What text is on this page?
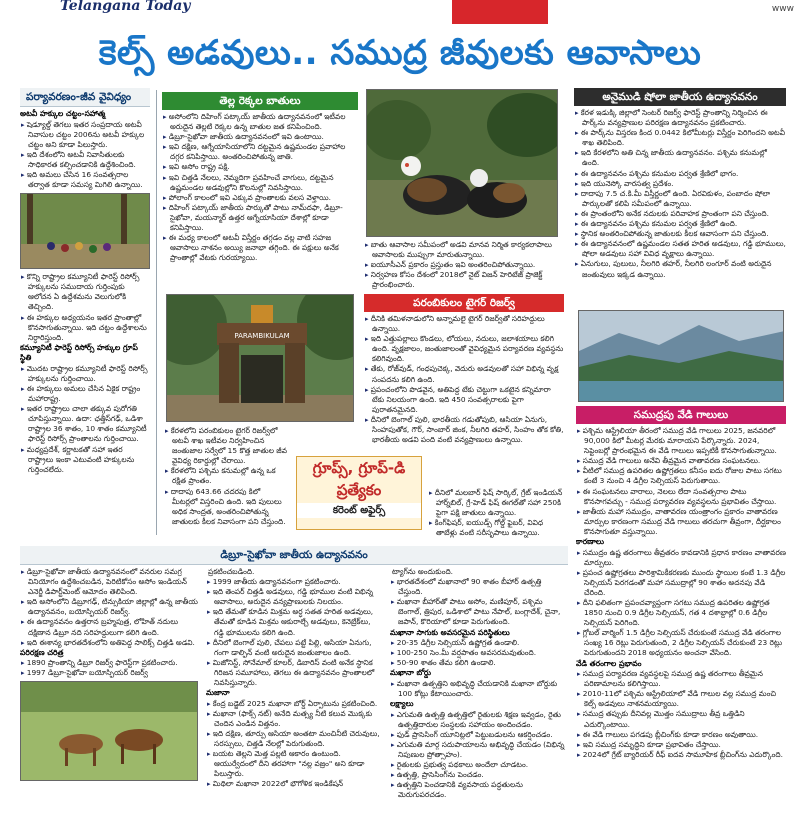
Telangana Today	www
కెల్స్‌ అడవులు.. సముద్ర జీవులకు ఆవాసాలు
పర్యావరణం-జీవ వైవిధ్యం

అటవీ హక్కుల చట్టం-సహాత్మ

▸ షెడ్యూల్డ్ తెగలు ఇతర సంప్రదాయ అటవీ నివాసుల చట్టం 2006ను అటవీ హక్కుల చట్టం అని కూడా పిలుస్తారు.

▸ ఇది దేశంలోని అటవీ నివాసితులకు సాధికారత కల్పించడానికి ఉద్దేశించింది.

▸ ఇది అమలు చేసిన 16 సంవత్సరాల తర్వాత కూడా సమస్య మిగిలి ఉన్నాయి.

▸ కొన్ని రాష్ట్రాల కమ్యూనిటీ ఫారెస్ట్ రిసోర్స్ హక్కులను సముదాయ గుర్తింపుకు ఆలోచన ఏ ఉద్దేశమను వెలుగులోకి తెచ్చింది.

▸ ఈ హక్కుల అధ్యయనం ఇతర ప్రాంతాల్లో కొనసాగుతున్నాయి. ఇది చట్టం ఉద్దేశాలను నిర్ధారిస్తుంది.

కమ్యూనిటీ ఫారెస్ట్ రిసోర్స్ హక్కుల గ్రూప్ స్థితి

▸ మొదట రాష్ట్రాల కమ్యూనిటీ ఫారెస్ట్ రిసోర్స్ హక్కులను గుర్తించాయి.

▸ ఈ హక్కులు అమలు చేసిన ఏకైక రాష్ట్రం మహారాష్ట్ర.

▸ ఇతర రాష్ట్రాలు చాలా తక్కువ పురోగతి చూపిస్తున్నాయి. ఉదా: ఛత్తీస్‌గఢ్, ఒడిశా రాష్ట్రాల 36 శాతం, 10 శాతం కమ్యూనిటీ ఫారెస్ట్ రిసోర్స్ ప్రాంతాలను గుర్తించాయి.

▸ మధ్యప్రదేశ్, కర్ణాటకతో సహా ఇతర రాష్ట్రాలు ఇంకా ఎటువంటి హక్కులను గుర్తించలేదు.

తెల్ల రెక్కల బాతులు

▸ అసోంలోని దిహింగ్ పట్కాయ్ జాతీయ ఉద్యానవనంలో ఇటీవల అరుదైన తెల్లటి రెక్కల ఉన్న బాతుల జత కనిపించింది.

▸ డిబ్రూ-సైఖోవా జాతీయ ఉద్యానవనంలో ఇవి ఉంటాయి.

▸ ఇవి దక్షిణ, ఆగ్నేయాసియాలోని దట్టమైన ఉష్ణమండల ప్రవాహాల దగ్గర కనిపిస్తాయి. అంతరించిపోతున్న జాతి.

▸ ఇవి అసోం రాష్ట్ర పక్షి.

▸ ఇవి చిత్తడి నేలలు, నెమ్మదిగా ప్రవహించే వాగులు, దట్టమైన ఉష్ణమండల అడవుల్లోని కొలనుల్లో నివసిస్తాయి.

▸ పోలాంగ్ కాలంలో ఇవి ఎక్కువ ప్రాంతాలకు వలస వెళ్తాయి.

▸ దిహింగ్ పట్కాయ్ జాతీయ పార్కుతో పాటు నామ్‌దఫా, డిబ్రూ-సైఖోవా, మయన్మార్ ఉత్తర ఆగ్నేయాసియా దేశాల్లో కూడా కనిపిస్తాయి.

▸ ఈ మధ్య కాలంలో అటవీ విస్తీర్ణం తగ్గడం వల్ల వాటి సహజ ఆవాసాలు నాశనం అయ్యి జనాభా తగ్గింది. ఈ పక్షులు అనేక ప్రాంతాల్లో వేటకు గురయ్యాయి.

అనైముడి షోలా జాతీయ ఉద్యానవనం

▸ కేరళ ఇడుక్కి జిల్లాలో సెంటర్ రిజర్వ్ ఫారెస్ట్ ప్రాంతాన్ని నిర్మించిన ఈ పార్క్‌ను వన్యప్రాణుల పరిరక్షణ ఉద్యానవనం ప్రకటించారు.

▸ ఈ పార్క్‌ను విస్తరణ కింద 0.0442 కిలోమీటర్లు విస్తీర్ణం పెరిగిందని అటవీ శాఖ తెలిపింది.

▸ ఇది కేరళలోని అతి చిన్న జాతీయ ఉద్యానవనం. పశ్చిమ కనుమల్లో ఉంది.

▸ ఈ ఉద్యానవనం పశ్చిమ కనుమల పర్వత శ్రేణిలో భాగం.

▸ ఇది యునెస్కో వారసత్వ ప్రదేశం.

▸ దాదాపు 7.5 చ.కి.మీ విస్తీర్ణంలో ఉంది. ఏరవికుళం, పంబాదం షోలా పార్కులతో కలిపి సమీపంలో ఉన్నాయి.

▸ ఈ ప్రాంతంలోని అనేక నదులకు పరివాహక ప్రాంతంగా పని చేస్తుంది.

▸ ఈ ఉద్యానవనం పశ్చిమ కనుమల పర్వత శ్రేణిలో ఉంది.

▸ స్థానిక అంతరించిపోతున్న జాతులకు కీలక ఆవాసంగా పని చేస్తుంది.

▸ ఈ ఉద్యానవనంలో ఉష్ణమండల సతత హరిత అడవులు, గడ్డి భూములు, షోలా అడవులు సహా వివిధ వృక్షాలు ఉన్నాయి.

▸ ఏనుగులు, పులులు, నీలగిరి తహర్, నీలగిరి లంగూర్ వంటి అరుదైన జంతువులు ఇక్కడ ఉన్నాయి.

▸ బాతు ఆవాసాల సమీపంలో అడవి మానవ నిర్మిత కార్యకలాపాలు ఆవాసాలకు ముప్పుగా మారుతున్నాయి.

▸ ఐయూసీఎన్ ప్రకారం ప్రస్తుతం ఇవి అంతరించిపోతున్నాయి.

▸ నిర్వహణ కోసం దేశంలో 2018లో నైట్ విజన్ హెరిటేజ్ ప్రాజెక్ట్ ప్రారంభించారు.

PARAMBIKULAM
పరంబికులం టైగర్ రిజర్వ్

▸ దీనికి తమిళనాడులోని అన్నామలై టైగర్ రిజర్వ్‌తో సరిహద్దులు ఉన్నాయి.

▸ ఇది ఎత్తుపల్లాలు కొండలు, లోయలు, నదులు, జలాశయాలు కలిగి ఉంది. వృక్షజాలం, జంతుజాలంతో వైవిధ్యమైన పర్యావరణ వ్యవస్థను కలిగివుంది.

▸ తేకు, రోజ్‌వుడ్, గంధపుచెక్క, వెదురు అడవులతో సహా విభిన్న వృక్ష సంపదను కలిగి ఉంది.

▸ ప్రపంచంలోని పొడవైన, అతిపెద్ద టేకు చెట్టుగా ఒకటైన కన్నిమారా టేకు నిలయంగా ఉంది. ఇది 450 సంవత్సరాలకు పైగా పురాతనమైనది.

▸ దీనిలో బెంగాల్ పులి, భారతీయ గడుతోపుబి, ఆసియా ఏనుగు, సింహపుతోక, గౌర్, సాంబార్ జింక, నీలగిరి తహర్, సింహం తోక కోతి, భారతీయ అడవి పంది వంటి వన్యప్రాణులు ఉన్నాయి.

▸ కేరళలోని పరంబికులం టైగర్ రిజర్వ్‌లో అటవీ శాఖ ఇటీవల నిర్వహించిన జంతుజాల సర్వేలో 15 కొత్త జాతుల జీవ వైవిధ్య రికార్డుల్లో చేరాయి.

▸ కేరళలోని పశ్చిమ కనుమల్లో ఉన్న ఒక రక్షిత ప్రాంతం.

▸ దాదాపు 643.66 చదరపు కిలో మీటర్లలో విస్తరించి ఉంది. ఇది పులులు అధిక సాంద్రత, అంతరించిపోతున్న జాతులకు కీలక నివాసంగా పని చేస్తుంది.

గ్రూప్స్, గ్రూప్-డి
ప్రత్యేకం
కరెంట్ అఫైర్స్

▸ దీనిలో మలబార్ ఫిష్ సార్కిల్, గ్రేట్ ఇండియన్ హార్న్‌బిల్, గ్రే-హెడ్ ఫిష్ ఈగల్‌తో సహా 250కి పైగా పక్షి జాతులు ఉన్నాయి.

▸ కింగ్‌ఫిషర్, ఐయుడ్స్ గోల్డ్ ఫైబర్, వివిధ తాబేళ్లు వంటి సరీసృపాలు ఉన్నాయి.

సముద్రపు వేడి గాలులు

▸ పశ్చిమ ఆస్ట్రేలియా తీరంలో సముద్ర వేడి గాలులు 2025, జనవరిలో 90,000 కిలో మీటర్ల మేరకు మారాయని పేర్కొన్నారు. 2024, సెప్టెంబర్లో ప్రారంభమైన ఈ వేడి గాలులు ఇప్పటికీ కొనసాగుతున్నాయి.

▸ సముద్ర వేడి గాలులు అనేవి తీవ్రమైన వాతావరణ సంఘటనలు.

▸ వీటిలో సముద్ర ఉపరితల ఉష్ణోగ్రతలు కనీసం ఐదు రోజుల పాటు సగటు కంటే 3 నుంచి 4 డిగ్రీల సెల్సియస్ పెరుగుతాయి.

▸ ఈ సంఘటనలు వారాలు, నెలలు లేదా సంవత్సరాల పాటు కొనసాగవచ్చు - సముద్ర పర్యావరణ వ్యవస్థలను ప్రభావితం చేస్తాయి.

▸ జాతీయ మహా సముద్రం, వాతావరణ యంత్రాంగం ప్రకారం వాతావరణ మార్పుల కారణంగా సముద్ర వేడి గాలులు తరచుగా తీవ్రంగా, దీర్ఘకాలం కొనసాగుతూ వస్తున్నాయి.

కారణాలు

▸ సముద్రం ఉష్ణ తరంగాలు తీవ్రతరం కావడానికి ప్రధాన కారణం వాతావరణ మార్పులు.

▸ ప్రపంచ ఉష్ణోగ్రతలు పారిశ్రామికీకరణకు ముందు స్థాయిల కంటే 1.3 డిగ్రీల సెల్సియస్ పెరగడంతో మహా సముద్రాల్లో 90 శాతం అదనపు వేడి చేరింది.

▸ దీని ఫలితంగా ప్రపంచవ్యాప్తంగా సగటు సముద్ర ఉపరితల ఉష్ణోగ్రత 1850 నుంచి 0.9 డిగ్రీల సెల్సియస్, గత 4 దశాబ్దాల్లో 0.6 డిగ్రీల సెల్సియస్ పెరిగింది.

▸ గ్లోబల్ వార్మింగ్ 1.5 డిగ్రీల సెల్సియస్ చేరుకుంటే సముద్ర వేడి తరంగాల సంఖ్య 16 రెట్లు పెరుగుతుంది, 2 డిగ్రీల సెల్సియస్ చేరుకుంటే 23 రెట్లు పెరుగుతుందని 2018 అధ్యయనం అంచనా వేసింది.

వేడి తరంగాల ప్రభావం

▸ సముద్ర పర్యావరణ వ్యవస్థలపై సముద్ర ఉష్ణ తరంగాలు తీవ్రమైన పరిణామాలను కలిగిస్తాయి.

▸ 2010-11లో పశ్చిమ ఆస్ట్రేలియాలో వేడి గాలుల వల్ల సముద్ర మంచి కెల్ప్ అడవులు నాశనమయ్యాయి.

▸ సముద్ర తప్పుకు దీనివల్ల మొత్తం సముద్రాలు తీవ్ర ఒత్తిడిని ఎదుర్కొంటాయి.

▸ ఈ వేడి గాలులు పగడపు బ్లీచింగ్‌కు కూడా కారణం అవుతాయి.

▸ ఇవి సముద్ర సమృద్ధిని కూడా ప్రభావితం చేస్తాయి.

▸ 2024లో గ్రేట్ బ్యారియర్ రీఫ్ ఐదవ సామూహిక బ్లీచింగ్‌ను ఎదుర్కొంది.

డిబ్రూ-సైఖోవా జాతీయ ఉద్యానవనం

▸ డిబ్రూ-సైఖోవా జాతీయ ఉద్యానవనంలో వనరుల సమగ్ర వినియోగం ఉద్దేశించబడిన, పెరిటికోసం అసోం ఇండియన్ ఎనెర్జీ డిపార్ట్‌మెంట్ ఆమోదం తెలిపింది.

▸ ఇది అసోంలోని డిబ్రూగఢ్, టిన్సుకియా జిల్లాల్లో ఉన్న జాతీయ ఉద్యానవనం, బయోస్ఫియర్ రిజర్వ్.

▸ ఈ ఉద్యానవనం ఉత్తరాన బ్రహ్మపుత్ర, లోహిత్ నదులు దక్షిణాన డిబ్రూ నది సరిహద్దులుగా కలిగి ఉంది.

▸ ఇది ఈశాన్య భారతదేశంలోని అతిపెద్ద సాలిక్స్ చిత్తడి అడవి.

పరిరక్షణ చరిత్ర

▸ 1890 ప్రాంతాన్ని డిబ్రూ రిజర్వ్ ఫారెస్ట్‌గా ప్రకటించారు.

▸ 1997 డిబ్రూ-సైఖోవా బయోస్ఫియర్ రిజర్వ్

ప్రకటించబడింది.

▸ 1999 జాతీయ ఉద్యానవనంగా ప్రకటించారు.

▸ ఇది తెంపర్ చిత్తడి అడవులు, గడ్డి భూముల వంటి విభిన్న ఆవాసాలు, అరుదైన వన్యప్రాణులకు నిలయం.

▸ ఇది తేమతో కూడిన మిశ్రమ అర్ధ సతత హరిత అడవులు, తేమతో కూడిన మిశ్రమ ఆకురాల్చే అడవులు, కెనెబ్రేక్‌లు, గడ్డి భూములను కలిగి ఉంది.

▸ దీనిలో బెంగాల్ పులి, చేపలు పట్టే పిల్లి, ఆసియా ఏనుగు, గంగా డాల్ఫిన్ వంటి అరుదైన జంతుజాలం ఉంది.

▸ మిజోనిస్ట్, సోనేమాల్ కూలర్, డిబారిస్ వంటి అనేక స్థానిక గిరిజన సమూహాలు, తెగలు ఈ ఉద్యానవనం ప్రాంతాలలో నివసిస్తున్నారు.

మజానా

▸ కేంద్ర బడ్జెట్ 2025 మఖానా బోర్డ్ ఏర్పాటును ప్రకటించింది.

▸ మఖానా (ఫాక్స్ నట్) అనేది మత్స్య నీటి కలువ మొక్కకు చెందిన ఎండిన విత్తనం.

▸ ఇది దక్షిణ, తూర్పు ఆసియా అంతటా మంచినీటి చెరువులు, సరస్సులు, చిత్తడి నేలల్లో పెరుగుతుంది.

▸ బయట తెల్లని మెత్త పల్లటి ఆకారం ఉంటుంది. ఆయుర్వేదంలో దీని తరహాగా "నల్ల వజ్రం" అని కూడా పిలుస్తారు.

▸ మిథిలా మఖానా 2022లో భౌగోళిక ఇండికేషన్

ట్యాగ్‌ను అందుకుంది.

▸ భారతదేశంలో మఖానాలో 90 శాతం బీహార్ ఉత్పత్తి చేస్తుంది.

▸ మఖానా బీహార్‌తో పాటు అసోం, మణిపూర్, పశ్చిమ బెంగాల్, త్రిపుర, ఒడిశాలో పాటు నేపాల్, బంగ్లాదేశ్, చైనా, జపాన్, కొరియాలో కూడా పెరుగుతుంది.

మఖానా సాగుకు అవసరమైన పరిస్థితులు

▸ 20-35 డిగ్రీల సెల్సియస్ ఉష్ణోగ్రత ఉండాలి.

▸ 100-250 సెం.మీ వర్షపాతం అవసరమవుతుంది.

▸ 50-90 శాతం తేమ కలిగి ఉండాలి.

మఖానా బోర్డు

▸ మఖానా ఉత్పత్తిని అభివృద్ధి చేయడానికి మఖానా బోర్డుకు 100 కోట్లు కేటాయించారు.

లక్ష్యాలు

▸ ఎగుమతి ఉత్పత్తి ఉత్పత్తిలో రైతులకు శిక్షణ ఇవ్వడం, రైతు ఉత్పత్తిదారుల సంస్థలకు సహాయం అందించడం.

▸ ఫుడ్ ప్రాసెసింగ్ యూనిట్లలో పెట్టుబడులను ఆకర్షించడం.

▸ ఎగుమతి మార్గ సదుపాయాలను అభివృద్ధి చేయడం (విభిన్న నిపుణుల ప్రోత్సాహం).

▸ రైతులకు ప్రభుత్వ పథకాలు అందేలా చూడటం.

▸ ఉత్పత్తి, ప్రాసెసింగ్‌ను పెంచడం.

▸ ఉత్పత్తిని పెంచడానికి వ్యవసాయ పద్ధతులను మెరుగుపరచడం.
